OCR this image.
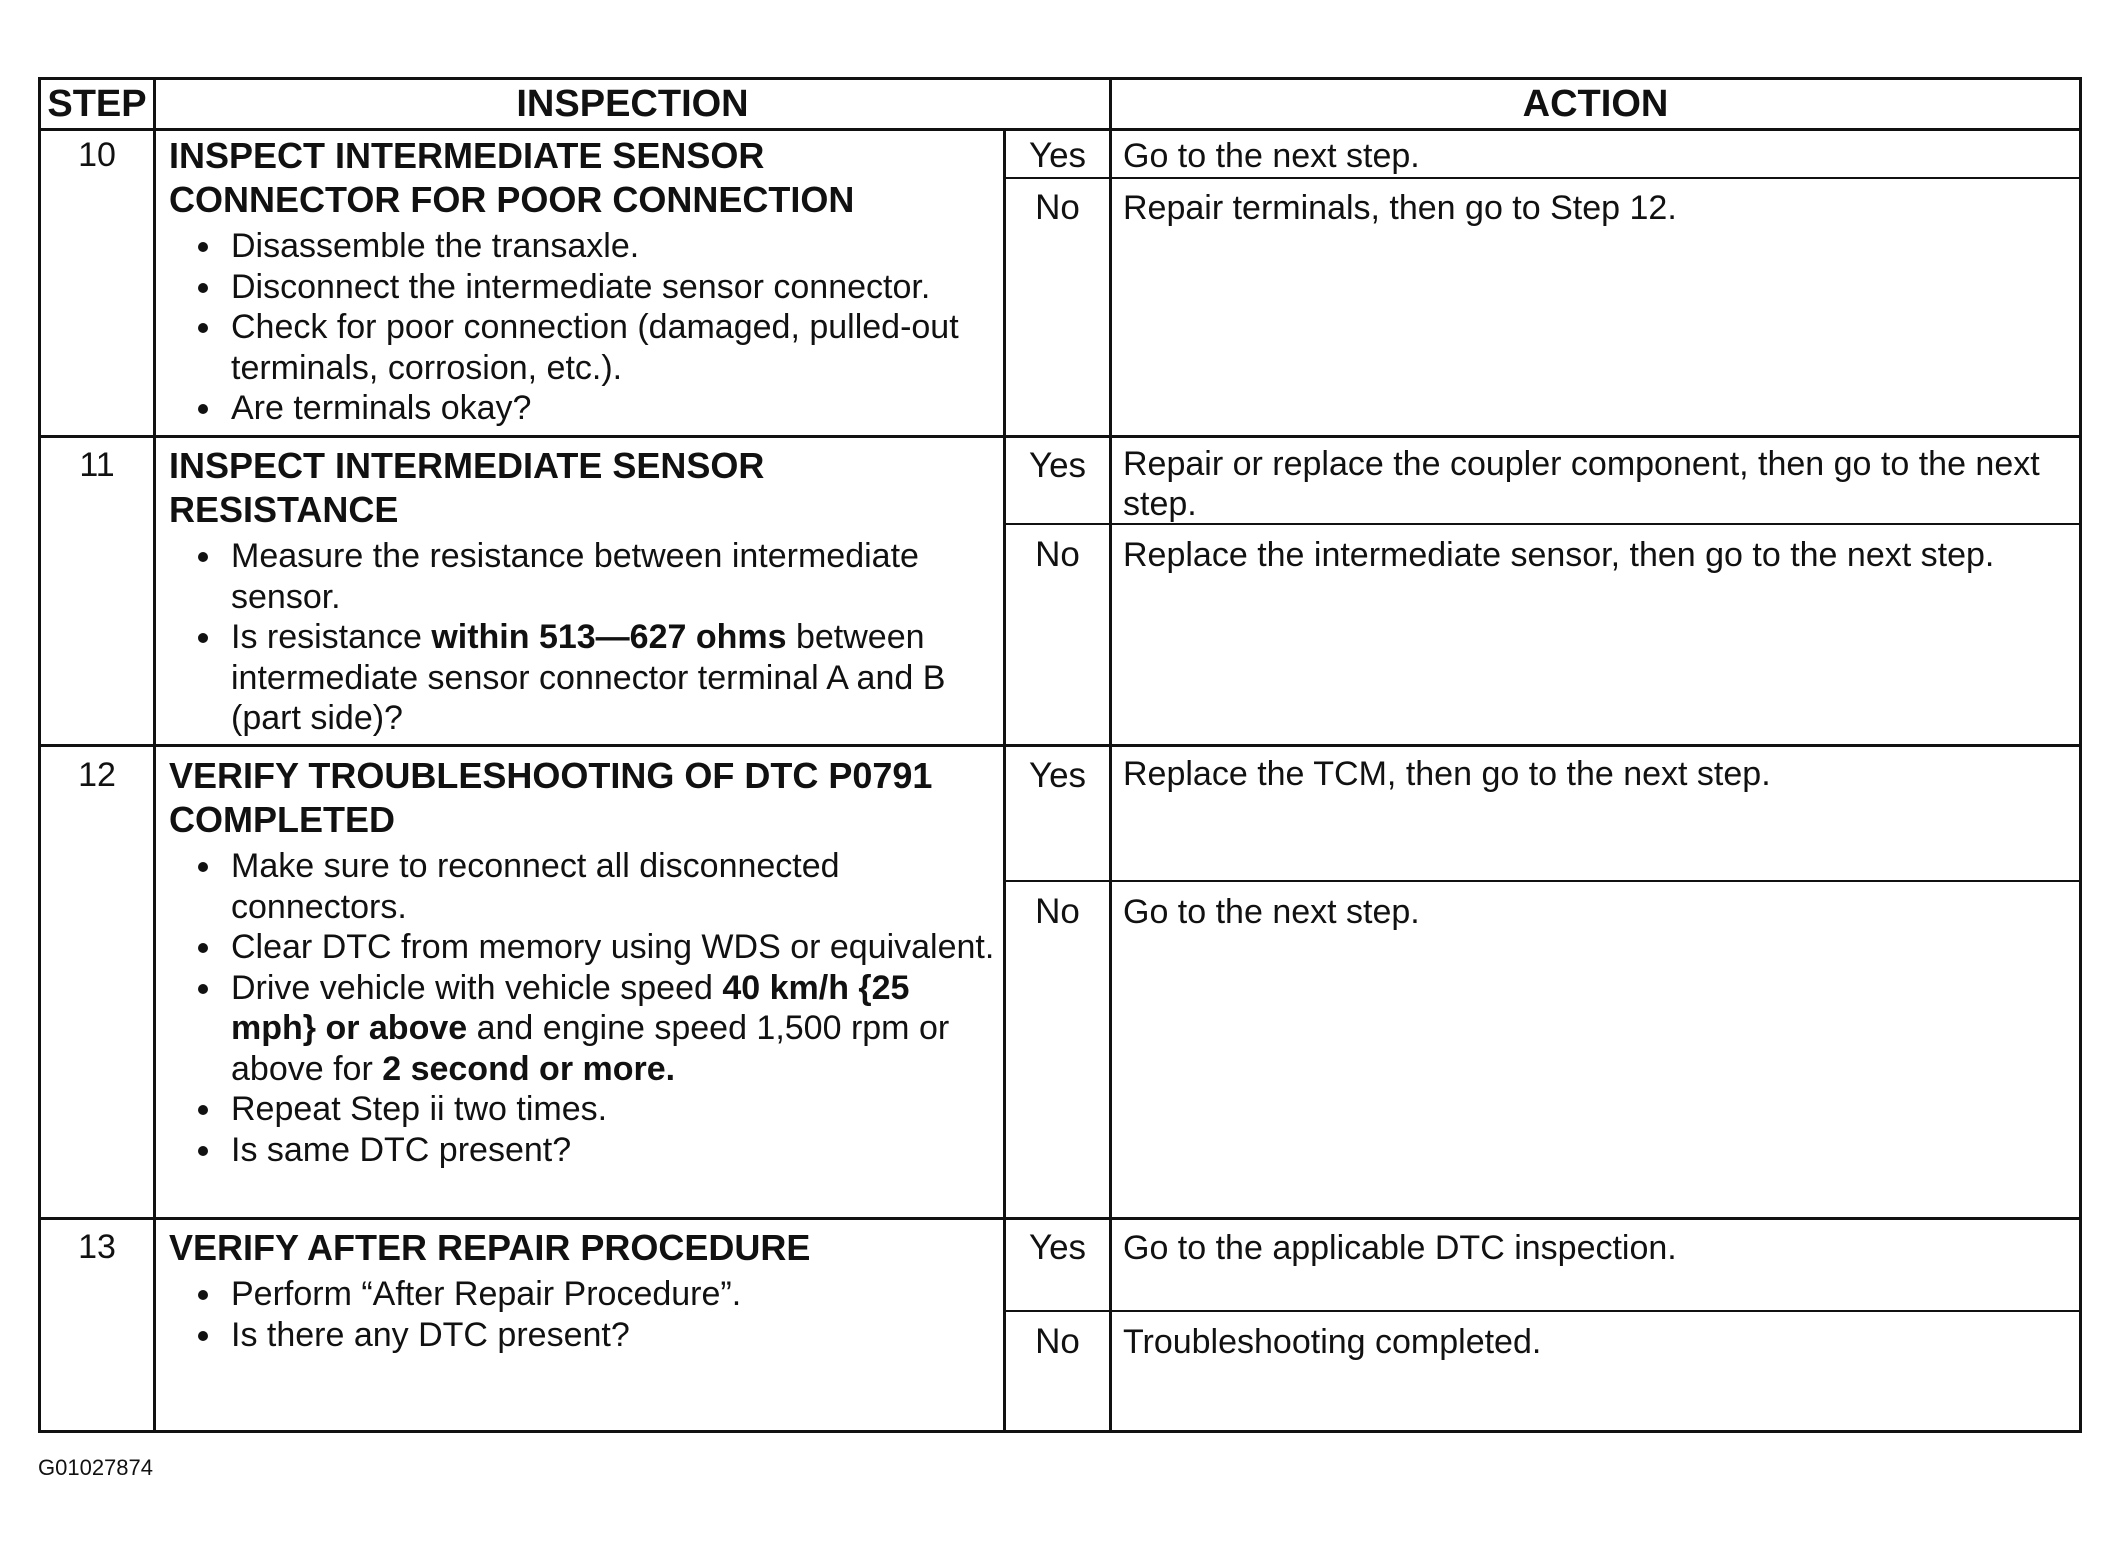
STEP	INSPECTION	ACTION
10	INSPECT INTERMEDIATE SENSOR
CONNECTOR FOR POOR CONNECTION
• Disassemble the transaxle.
• Disconnect the intermediate sensor connector.
• Check for poor connection (damaged, pulled-out terminals, corrosion, etc.).
• Are terminals okay?
Yes	Go to the next step.
No	Repair terminals, then go to Step 12.
11	INSPECT INTERMEDIATE SENSOR
RESISTANCE
• Measure the resistance between intermediate sensor.
• Is resistance within 513—627 ohms between intermediate sensor connector terminal A and B (part side)?
Yes	Repair or replace the coupler component, then go to the next step.
No	Replace the intermediate sensor, then go to the next step.
12	VERIFY TROUBLESHOOTING OF DTC P0791
COMPLETED
• Make sure to reconnect all disconnected connectors.
• Clear DTC from memory using WDS or equivalent.
• Drive vehicle with vehicle speed 40 km/h {25 mph} or above and engine speed 1,500 rpm or above for 2 second or more.
• Repeat Step ii two times.
• Is same DTC present?
Yes	Replace the TCM, then go to the next step.
No	Go to the next step.
13	VERIFY AFTER REPAIR PROCEDURE
• Perform “After Repair Procedure”.
• Is there any DTC present?
Yes	Go to the applicable DTC inspection.
No	Troubleshooting completed.
G01027874
